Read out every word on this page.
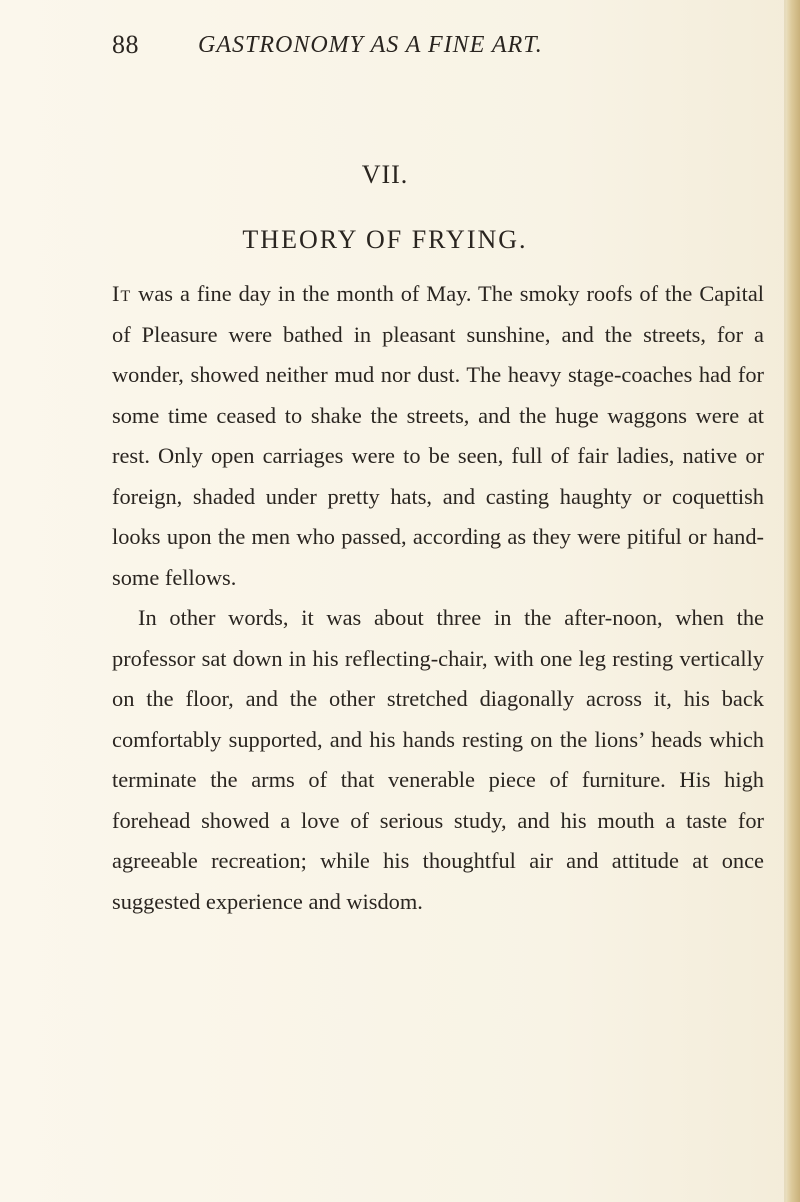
88 GASTRONOMY AS A FINE ART.
VII.
THEORY OF FRYING.

It was a fine day in the month of May. The smoky roofs of the Capital of Pleasure were bathed in pleasant sunshine, and the streets, for a wonder, showed neither mud nor dust. The heavy stage-coaches had for some time ceased to shake the streets, and the huge waggons were at rest. Only open carriages were to be seen, full of fair ladies, native or foreign, shaded under pretty hats, and casting haughty or coquettish looks upon the men who passed, according as they were pitiful or hand-some fellows.

In other words, it was about three in the after-noon, when the professor sat down in his reflecting-chair, with one leg resting vertically on the floor, and the other stretched diagonally across it, his back comfortably supported, and his hands resting on the lions’ heads which terminate the arms of that venerable piece of furniture. His high forehead showed a love of serious study, and his mouth a taste for agreeable recreation; while his thoughtful air and attitude at once suggested experience and wisdom.
